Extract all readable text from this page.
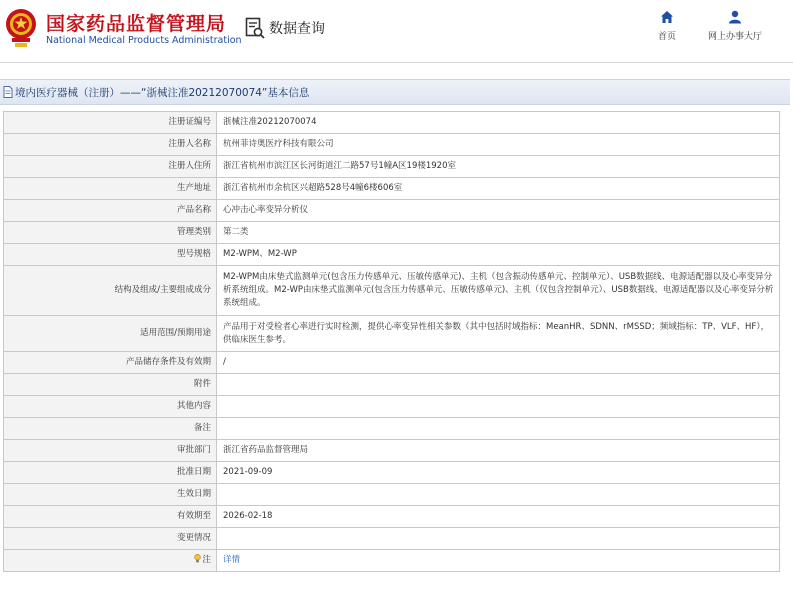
国家药品监督管理局
National Medical Products Administration
数据查询	首页	网上办事大厅
境内医疗器械（注册）——“浙械注准20212070074”基本信息
注册证编号	浙械注准20212070074
注册人名称	杭州菲诗奥医疗科技有限公司
注册人住所	浙江省杭州市滨江区长河街道江二路57号1幢A区19楼1920室
生产地址	浙江省杭州市余杭区兴超路528号4幢6楼606室
产品名称	心冲击心率变异分析仪
管理类别	第二类
型号规格	M2-WPM、M2-WP
结构及组成/主要组成成分	M2-WPM由床垫式监测单元(包含压力传感单元、压敏传感单元)、主机（包含振动传感单元、控制单元）、USB数据线、电源适配器以及心率变异分析系统组成。M2-WP由床垫式监测单元(包含压力传感单元、压敏传感单元)、主机（仅包含控制单元）、USB数据线、电源适配器以及心率变异分析系统组成。
适用范围/预期用途	产品用于对受检者心率进行实时检测，提供心率变异性相关参数（其中包括时域指标：MeanHR、SDNN、rMSSD；频域指标：TP、VLF、HF），供临床医生参考。
产品储存条件及有效期	/
附件	
其他内容	
备注	
审批部门	浙江省药品监督管理局
批准日期	2021-09-09
生效日期	
有效期至	2026-02-18
变更情况	
注	详情
